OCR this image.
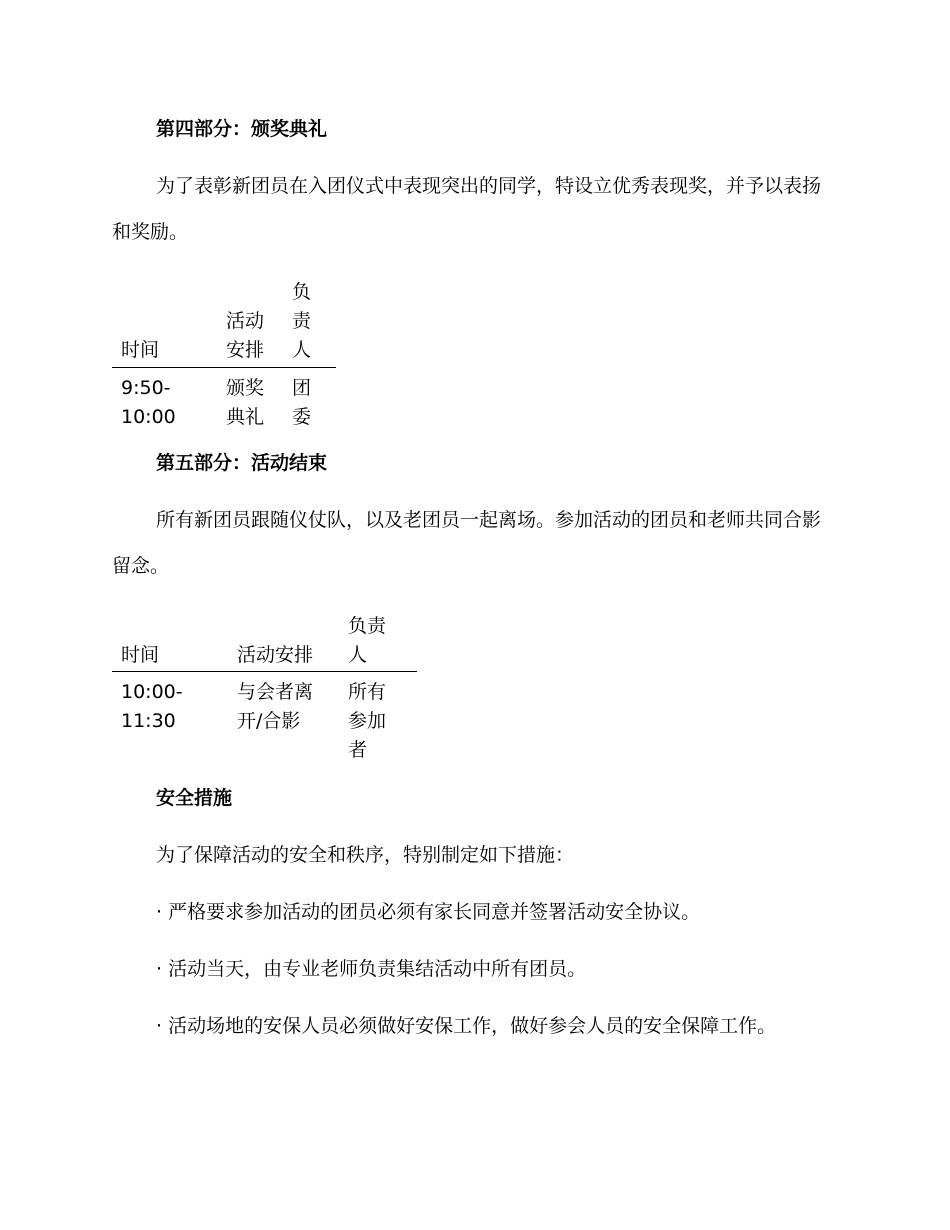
第四部分：颁奖典礼

为了表彰新团员在入团仪式中表现突出的同学，特设立优秀表现奖，并予以表扬和奖励。

时间
活动安排
负责人
9:50-10:00
颁奖典礼
团委
第五部分：活动结束

所有新团员跟随仪仗队，以及老团员一起离场。参加活动的团员和老师共同合影留念。

时间	活动安排
负责人
10:00-11:30
与会者离开/合影
所有参加者
安全措施

为了保障活动的安全和秩序，特别制定如下措施：

· 严格要求参加活动的团员必须有家长同意并签署活动安全协议。

· 活动当天，由专业老师负责集结活动中所有团员。

· 活动场地的安保人员必须做好安保工作，做好参会人员的安全保障工作。
